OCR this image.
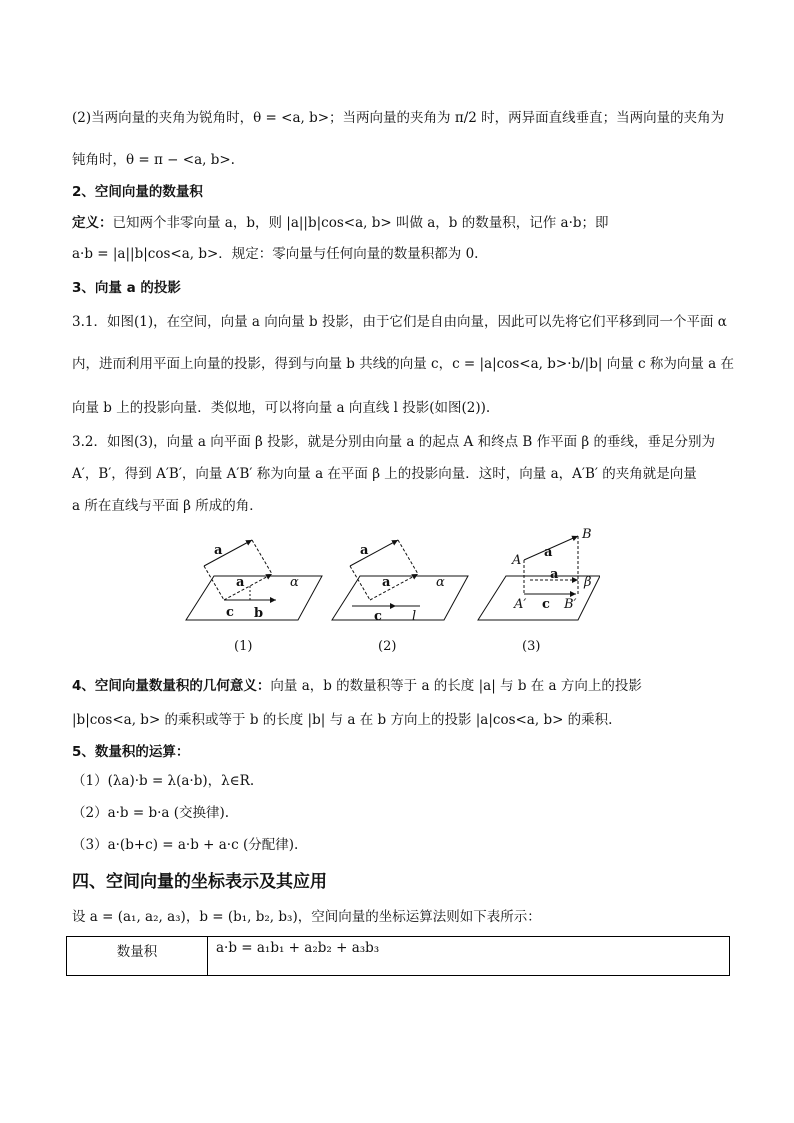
(2)当两向量的夹角为锐角时，θ = <a, b>；当两向量的夹角为 π/2 时，两异面直线垂直；当两向量的夹角为
钝角时，θ = π − <a, b>.
2、空间向量的数量积
定义：已知两个非零向量 a，b，则 |a||b|cos<a, b> 叫做 a，b 的数量积，记作 a·b；即
a·b = |a||b|cos<a, b>．规定：零向量与任何向量的数量积都为 0.
3、向量 a 的投影
3.1．如图(1)，在空间，向量 a 向向量 b 投影，由于它们是自由向量，因此可以先将它们平移到同一个平面 α
内，进而利用平面上向量的投影，得到与向量 b 共线的向量 c，c = |a|cos<a, b>·b/|b| 向量 c 称为向量 a 在
向量 b 上的投影向量．类似地，可以将向量 a 向直线 l 投影(如图(2)).
3.2．如图(3)，向量 a 向平面 β 投影，就是分别由向量 a 的起点 A 和终点 B 作平面 β 的垂线，垂足分别为
A′，B′，得到 A′B′，向量 A′B′ 称为向量 a 在平面 β 上的投影向量．这时，向量 a，A′B′ 的夹角就是向量
a 所在直线与平面 β 所成的角．
a
a
c b
α
a
a
c l
α
A
B
a
a
c
A′	B′
β
(1)	(2)	(3)
4、空间向量数量积的几何意义：向量 a，b 的数量积等于 a 的长度 |a| 与 b 在 a 方向上的投影
|b|cos<a, b> 的乘积或等于 b 的长度 |b| 与 a 在 b 方向上的投影 |a|cos<a, b> 的乘积.
5、数量积的运算：
（1）(λa)·b = λ(a·b)，λ∈R.
（2）a·b = b·a (交换律).
（3）a·(b+c) = a·b + a·c (分配律).
四、空间向量的坐标表示及其应用
设 a = (a₁, a₂, a₃)，b = (b₁, b₂, b₃)，空间向量的坐标运算法则如下表所示：
数量积	a·b = a₁b₁ + a₂b₂ + a₃b₃
